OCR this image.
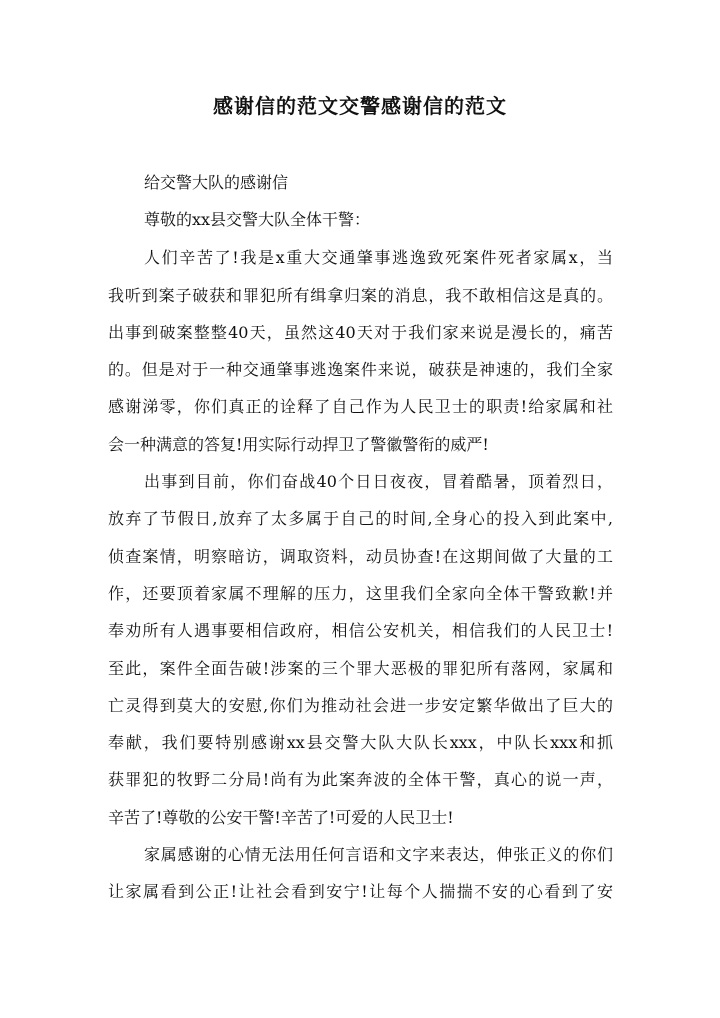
感谢信的范文交警感谢信的范文
给交警大队的感谢信
尊敬的xx县交警大队全体干警：
人们辛苦了!我是x重大交通肇事逃逸致死案件死者家属x，当
我听到案子破获和罪犯所有缉拿归案的消息，我不敢相信这是真的。
出事到破案整整40天，虽然这40天对于我们家来说是漫长的，痛苦
的。但是对于一种交通肇事逃逸案件来说，破获是神速的，我们全家
感谢涕零，你们真正的诠释了自己作为人民卫士的职责!给家属和社
会一种满意的答复!用实际行动捍卫了警徽警衔的威严!
出事到目前，你们奋战40个日日夜夜，冒着酷暑，顶着烈日，
放弃了节假日,放弃了太多属于自己的时间,全身心的投入到此案中,
侦查案情，明察暗访，调取资料，动员协查!在这期间做了大量的工
作，还要顶着家属不理解的压力，这里我们全家向全体干警致歉!并
奉劝所有人遇事要相信政府，相信公安机关，相信我们的人民卫士!
至此，案件全面告破!涉案的三个罪大恶极的罪犯所有落网，家属和
亡灵得到莫大的安慰,你们为推动社会进一步安定繁华做出了巨大的
奉献，我们要特别感谢xx县交警大队大队长xxx，中队长xxx和抓
获罪犯的牧野二分局!尚有为此案奔波的全体干警，真心的说一声，
辛苦了!尊敬的公安干警!辛苦了!可爱的人民卫士!
家属感谢的心情无法用任何言语和文字来表达，伸张正义的你们
让家属看到公正!让社会看到安宁!让每个人揣揣不安的心看到了安
